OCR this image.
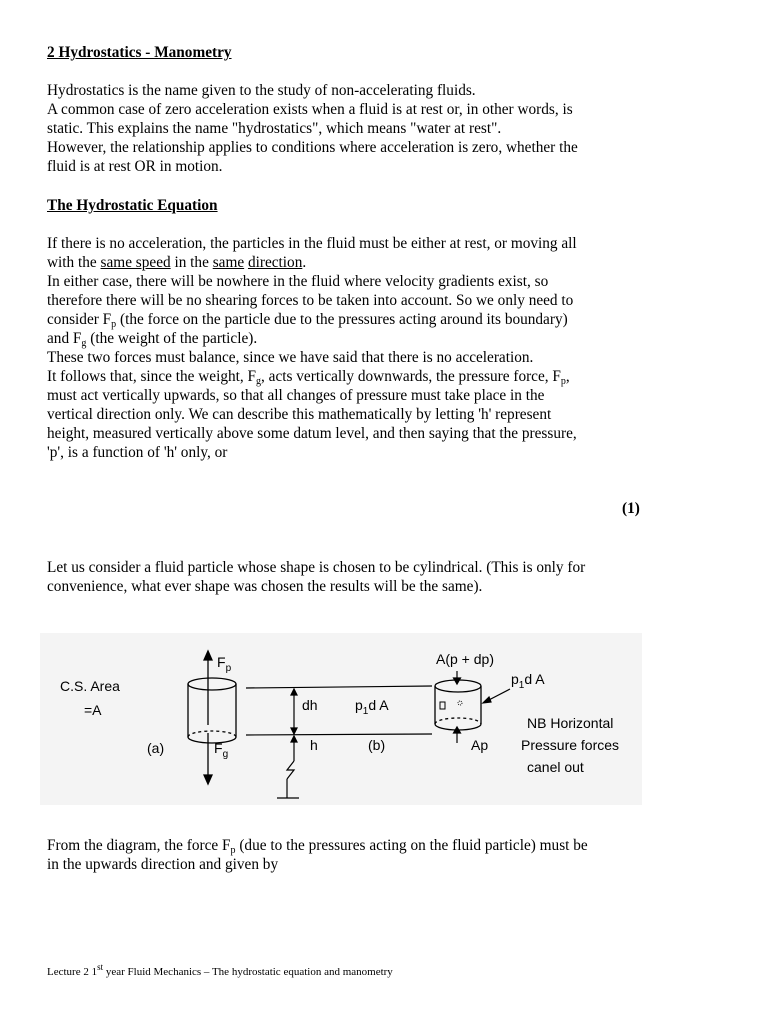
2 Hydrostatics - Manometry
Hydrostatics is the name given to the study of non-accelerating fluids.
A common case of zero acceleration exists when a fluid is at rest or, in other words, is
static. This explains the name "hydrostatics", which means "water at rest".
However, the relationship applies to conditions where acceleration is zero, whether the
fluid is at rest OR in motion.
The Hydrostatic Equation
If there is no acceleration, the particles in the fluid must be either at rest, or moving all
with the same speed in the same direction.
In either case, there will be nowhere in the fluid where velocity gradients exist, so
therefore there will be no shearing forces to be taken into account. So we only need to
consider $F_p$ (the force on the particle due to the pressures acting around its boundary)
and $F_g$ (the weight of the particle).
These two forces must balance, since we have said that there is no acceleration.
It follows that, since the weight, $F_g$, acts vertically downwards, the pressure force, $F_p$,
must act vertically upwards, so that all changes of pressure must take place in the
vertical direction only. We can describe this mathematically by letting 'h' represent
height, measured vertically above some datum level, and then saying that the pressure,
'p', is a function of 'h' only, or
(1)
Let us consider a fluid particle whose shape is chosen to be cylindrical. (This is only for
convenience, what ever shape was chosen the results will be the same).
$F_p$
$F_g$
C.S. Area
=A
(a)
dh
h
$p_1d$ A
(b)
A(p + dp)
$p_1d$ A
Ap
NB Horizontal
Pressure forces
canel out
From the diagram, the force $F_p$ (due to the pressures acting on the fluid particle) must be
in the upwards direction and given by
Lecture 2 1st year Fluid Mechanics – The hydrostatic equation and manometry
